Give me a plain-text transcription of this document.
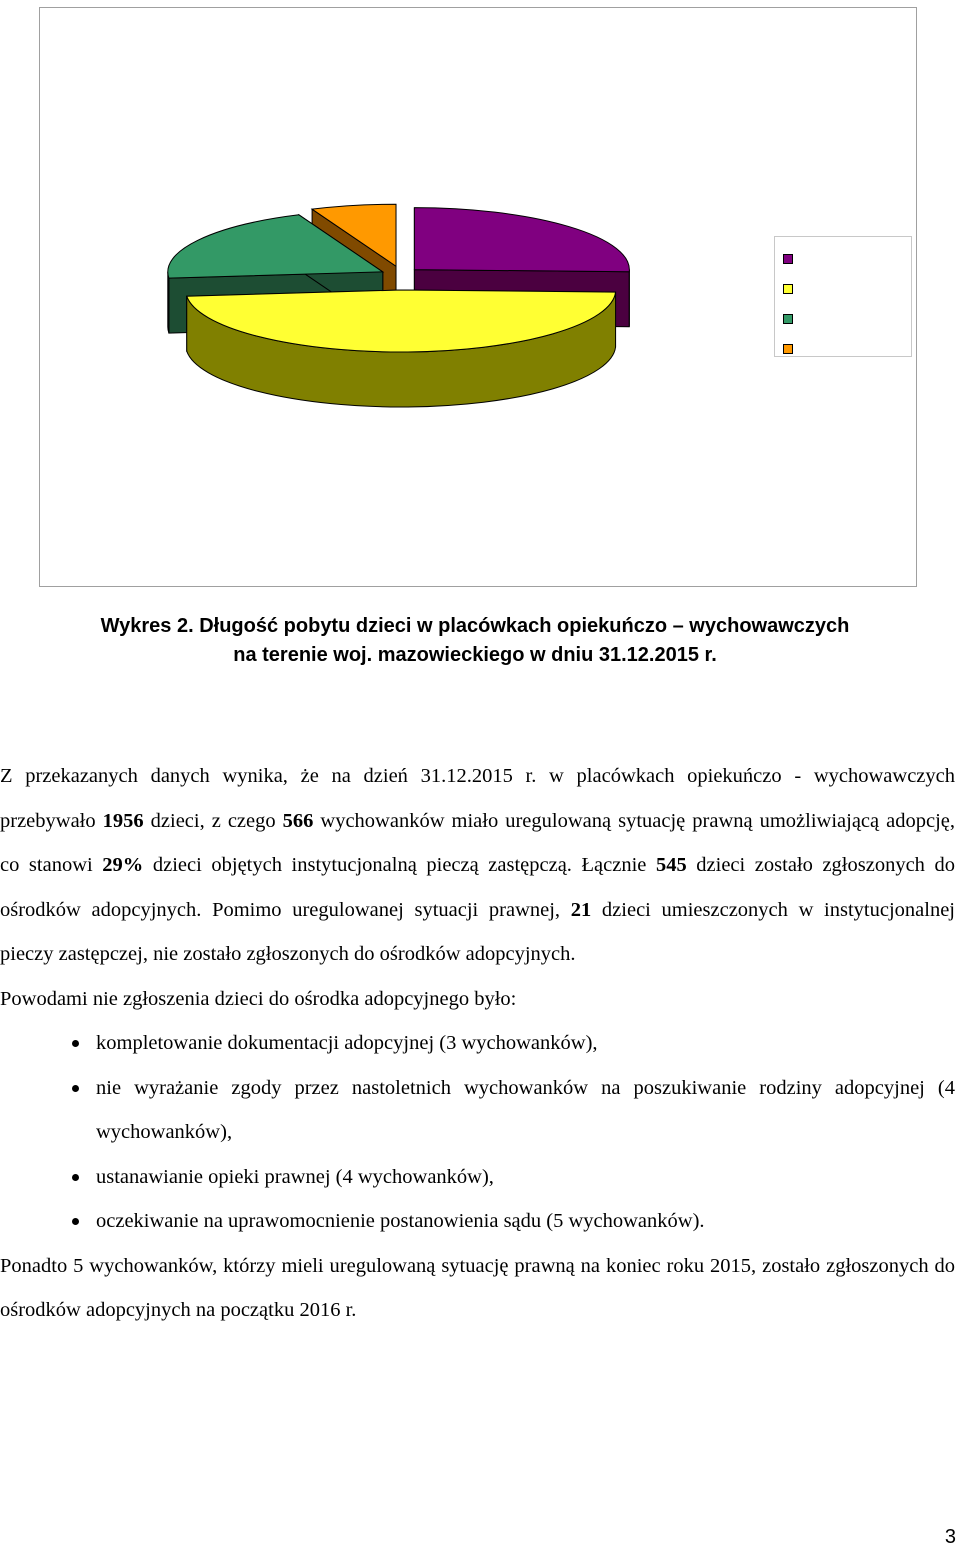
Wykres 2. Długość pobytu dzieci w placówkach opiekuńczo – wychowawczych
na terenie woj. mazowieckiego w dniu 31.12.2015 r.

Z przekazanych danych wynika, że na dzień 31.12.2015 r. w placówkach opiekuńczo - wychowawczych przebywało 1956 dzieci, z czego 566 wychowanków miało uregulowaną sytuację prawną umożliwiającą adopcję, co stanowi 29% dzieci objętych instytucjonalną pieczą zastępczą. Łącznie 545 dzieci zostało zgłoszonych do ośrodków adopcyjnych. Pomimo uregulowanej sytuacji prawnej, 21 dzieci umieszczonych w instytucjonalnej pieczy zastępczej, nie zostało zgłoszonych do ośrodków adopcyjnych.

Powodami nie zgłoszenia dzieci do ośrodka adopcyjnego było:

kompletowanie dokumentacji adopcyjnej (3 wychowanków),
nie wyrażanie zgody przez nastoletnich wychowanków na poszukiwanie rodziny adopcyjnej (4 wychowanków),
ustanawianie opieki prawnej (4 wychowanków),
oczekiwanie na uprawomocnienie postanowienia sądu (5 wychowanków).

Ponadto 5 wychowanków, którzy mieli uregulowaną sytuację prawną na koniec roku 2015, zostało zgłoszonych do ośrodków adopcyjnych na początku 2016 r.

3
